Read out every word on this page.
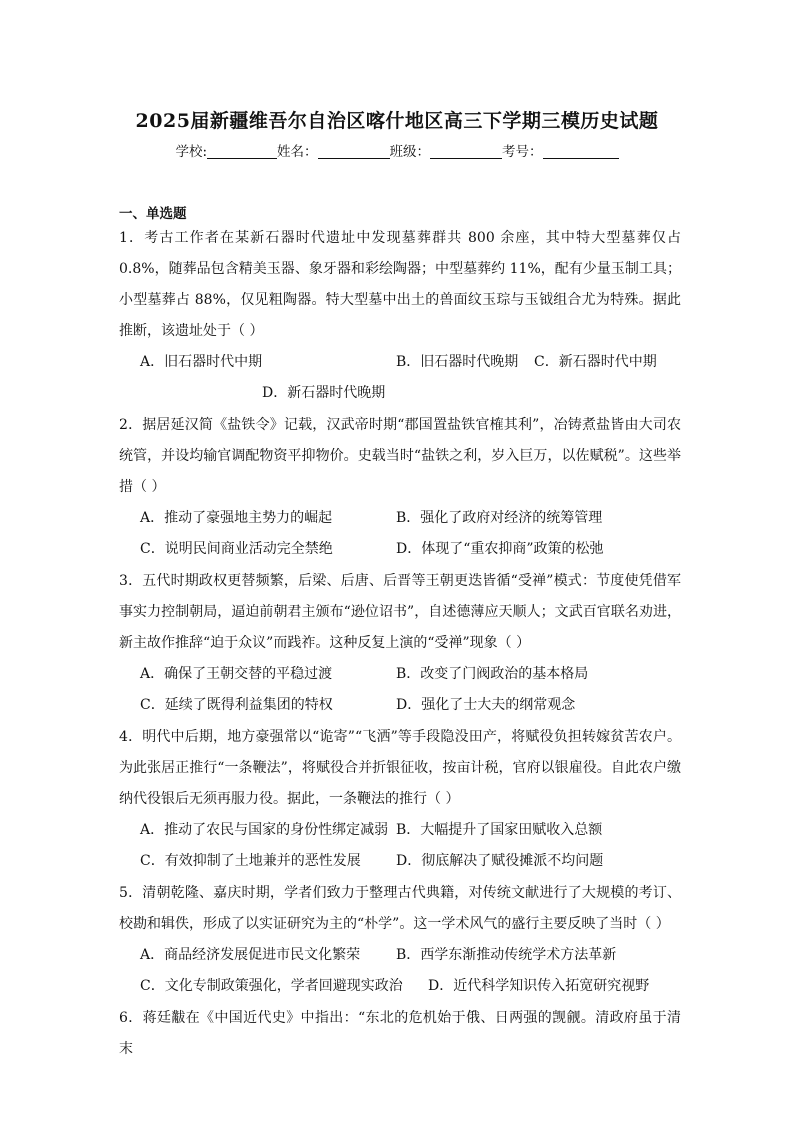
2025届新疆维吾尔自治区喀什地区高三下学期三模历史试题
学校:	姓名：	班级：	考号：
一、单选题
1．考古工作者在某新石器时代遗址中发现墓葬群共 800 余座，其中特大型墓葬仅占 0.8%，随葬品包含精美玉器、象牙器和彩绘陶器；中型墓葬约 11%，配有少量玉制工具；小型墓葬占 88%，仅见粗陶器。特大型墓中出土的兽面纹玉琮与玉钺组合尤为特殊。据此推断，该遗址处于（ ）
A．旧石器时代中期	B．旧石器时代晚期 C．新石器时代中期
D．新石器时代晚期
2．据居延汉简《盐铁令》记载，汉武帝时期“郡国置盐铁官榷其利”，冶铸煮盐皆由大司农统管，并设均输官调配物资平抑物价。史载当时“盐铁之利，岁入巨万，以佐赋税”。这些举措（ ）
A．推动了豪强地主势力的崛起	B．强化了政府对经济的统筹管理
C．说明民间商业活动完全禁绝	D．体现了“重农抑商”政策的松弛
3．五代时期政权更替频繁，后梁、后唐、后晋等王朝更迭皆循“受禅”模式：节度使凭借军事实力控制朝局，逼迫前朝君主颁布“逊位诏书”，自述德薄应天顺人；文武百官联名劝进，新主故作推辞“迫于众议”而践祚。这种反复上演的“受禅”现象（ ）
A．确保了王朝交替的平稳过渡	B．改变了门阀政治的基本格局
C．延续了既得利益集团的特权	D．强化了士大夫的纲常观念
4．明代中后期，地方豪强常以“诡寄”“飞洒”等手段隐没田产，将赋役负担转嫁贫苦农户。为此张居正推行“一条鞭法”，将赋役合并折银征收，按亩计税，官府以银雇役。自此农户缴纳代役银后无须再服力役。据此，一条鞭法的推行（ ）
A．推动了农民与国家的身份性绑定减弱 B．大幅提升了国家田赋收入总额
C．有效抑制了土地兼并的恶性发展	D．彻底解决了赋役摊派不均问题
5．清朝乾隆、嘉庆时期，学者们致力于整理古代典籍，对传统文献进行了大规模的考订、校勘和辑佚，形成了以实证研究为主的“朴学”。这一学术风气的盛行主要反映了当时（ ）
A．商品经济发展促进市民文化繁荣	B．西学东渐推动传统学术方法革新
C．文化专制政策强化，学者回避现实政治 D．近代科学知识传入拓宽研究视野
6．蒋廷黻在《中国近代史》中指出：“东北的危机始于俄、日两强的觊觎。清政府虽于清末
